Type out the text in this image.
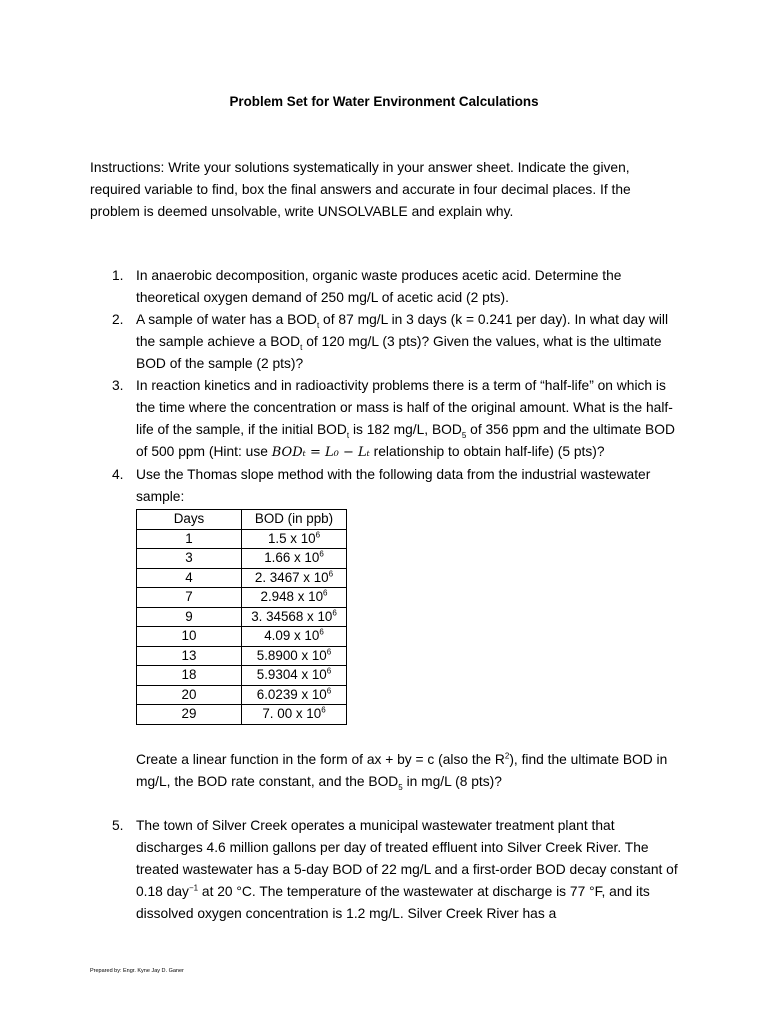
Problem Set for Water Environment Calculations
Instructions: Write your solutions systematically in your answer sheet. Indicate the given, required variable to find, box the final answers and accurate in four decimal places. If the problem is deemed unsolvable, write UNSOLVABLE and explain why.
1. In anaerobic decomposition, organic waste produces acetic acid. Determine the theoretical oxygen demand of 250 mg/L of acetic acid (2 pts).
2. A sample of water has a $BOD_t$ of 87 mg/L in 3 days (k = 0.241 per day). In what day will the sample achieve a $BOD_t$ of 120 mg/L (3 pts)? Given the values, what is the ultimate BOD of the sample (2 pts)?
3. In reaction kinetics and in radioactivity problems there is a term of “half-life” on which is the time where the concentration or mass is half of the original amount. What is the half-life of the sample, if the initial $BOD_t$ is 182 mg/L, $BOD_5$ of 356 ppm and the ultimate BOD of 500 ppm (Hint: use BODₜ = L₀ − Lₜ relationship to obtain half-life) (5 pts)?
4. Use the Thomas slope method with the following data from the industrial wastewater sample:
Days	BOD (in ppb)
1	1.5 x $10^6$
3	1.66 x $10^6$
4	2. 3467 x $10^6$
7	2.948 x $10^6$
9	3. 34568 x $10^6$
10	4.09 x $10^6$
13	5.8900 x $10^6$
18	5.9304 x $10^6$
20	6.0239 x $10^6$
29	7. 00 x $10^6$
Create a linear function in the form of ax + by = c (also the $R^2$), find the ultimate BOD in mg/L, the BOD rate constant, and the $BOD_5$ in mg/L (8 pts)?
5. The town of Silver Creek operates a municipal wastewater treatment plant that discharges 4.6 million gallons per day of treated effluent into Silver Creek River. The treated wastewater has a 5-day BOD of 22 mg/L and a first-order BOD decay constant of 0.18 day$^{-1}$ at 20 °C. The temperature of the wastewater at discharge is 77 °F, and its dissolved oxygen concentration is 1.2 mg/L. Silver Creek River has a
Prepared by: Engr. Kyne Jay D. Ganer
